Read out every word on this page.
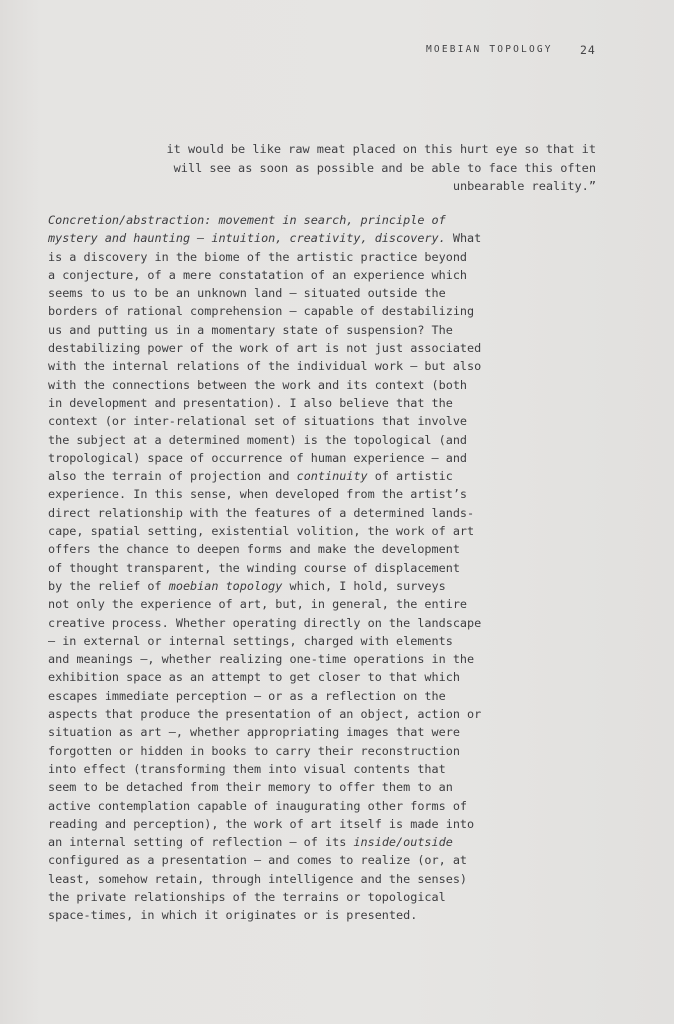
MOEBIAN TOPOLOGY 24
it would be like raw meat placed on this hurt eye so that it
will see as soon as possible and be able to face this often
unbearable reality.”
Concretion/abstraction: movement in search, principle of
mystery and haunting – intuition, creativity, discovery. What
is a discovery in the biome of the artistic practice beyond
a conjecture, of a mere constatation of an experience which
seems to us to be an unknown land – situated outside the
borders of rational comprehension – capable of destabilizing
us and putting us in a momentary state of suspension? The
destabilizing power of the work of art is not just associated
with the internal relations of the individual work – but also
with the connections between the work and its context (both
in development and presentation). I also believe that the
context (or inter-relational set of situations that involve
the subject at a determined moment) is the topological (and
tropological) space of occurrence of human experience – and
also the terrain of projection and continuity of artistic
experience. In this sense, when developed from the artist’s
direct relationship with the features of a determined lands-
cape, spatial setting, existential volition, the work of art
offers the chance to deepen forms and make the development
of thought transparent, the winding course of displacement
by the relief of moebian topology which, I hold, surveys
not only the experience of art, but, in general, the entire
creative process. Whether operating directly on the landscape
– in external or internal settings, charged with elements
and meanings –, whether realizing one-time operations in the
exhibition space as an attempt to get closer to that which
escapes immediate perception – or as a reflection on the
aspects that produce the presentation of an object, action or
situation as art –, whether appropriating images that were
forgotten or hidden in books to carry their reconstruction
into effect (transforming them into visual contents that
seem to be detached from their memory to offer them to an
active contemplation capable of inaugurating other forms of
reading and perception), the work of art itself is made into
an internal setting of reflection – of its inside/outside
configured as a presentation – and comes to realize (or, at
least, somehow retain, through intelligence and the senses)
the private relationships of the terrains or topological
space-times, in which it originates or is presented.
